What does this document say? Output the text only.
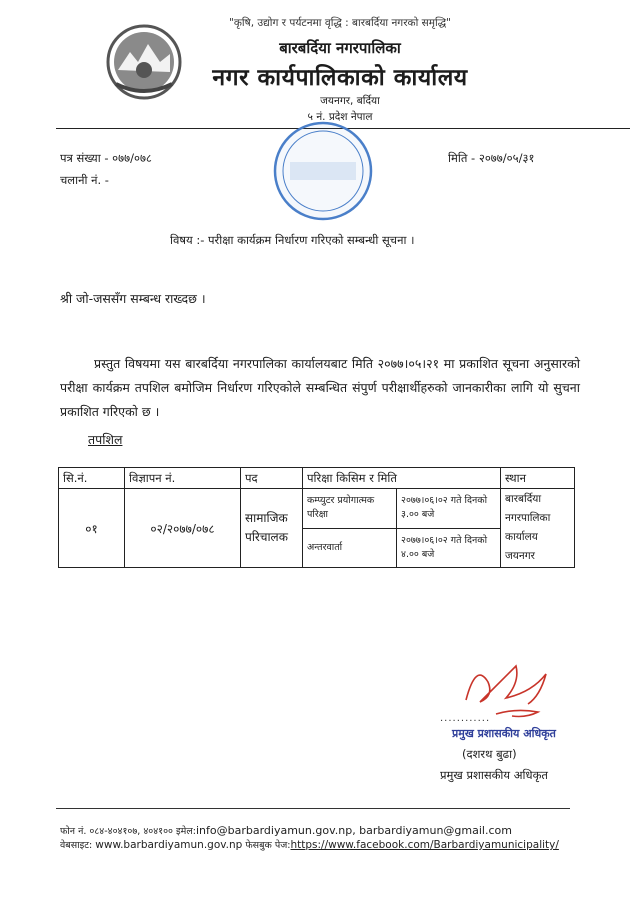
"कृषि, उद्योग र पर्यटनमा वृद्धि : बारबर्दिया नगरको समृद्धि"
बारबर्दिया नगरपालिका
नगर कार्यपालिकाको कार्यालय
जयनगर, बर्दिया
५ नं. प्रदेश नेपाल
पत्र संख्या - ०७७/०७८
चलानी नं. -
मिति - २०७७/०५/३१
विषय :- परीक्षा कार्यक्रम निर्धारण गरिएको सम्बन्धी सूचना ।
श्री जो-जससँग सम्बन्ध राख्दछ ।
प्रस्तुत विषयमा यस बारबर्दिया नगरपालिका कार्यालयबाट मिति २०७७।०५।२१ मा प्रकाशित सूचना अनुसारको परीक्षा कार्यक्रम तपशिल बमोजिम निर्धारण गरिएकोले सम्बन्धित संपुर्ण परीक्षार्थीहरुको जानकारीका लागि यो सुचना प्रकाशित गरिएको छ ।
तपशिल
सि.नं.	विज्ञापन नं.	पद	परिक्षा किसिम र मिति		स्थान
०१	०२/२०७७/०७८	सामाजिक परिचालक	कम्प्युटर प्रयोगात्मक परिक्षा	२०७७।०६।०२ गते दिनको ३.०० बजे	बारबर्दिया नगरपालिका कार्यालय जयनगर
			अन्तरवार्ता	२०७७।०६।०२ गते दिनको ४.०० बजे	
............
प्रमुख प्रशासकीय अधिकृत
(दशरथ बुढा)
प्रमुख प्रशासकीय अधिकृत
फोन नं. ०८४-४०४१०७, ४०४१०० इमेल:info@barbardiyamun.gov.np, barbardiyamun@gmail.com
वेबसाइट: www.barbardiyamun.gov.np फेसबुक पेज:https://www.facebook.com/Barbardiyamunicipality/
